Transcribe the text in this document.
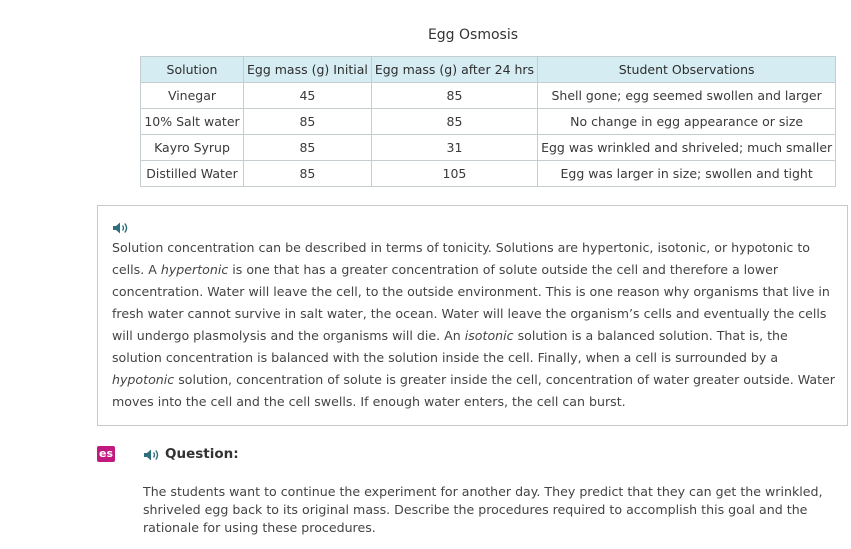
Egg Osmosis
Solution	Egg mass (g) Initial	Egg mass (g) after 24 hrs	Student Observations
Vinegar	45	85	Shell gone; egg seemed swollen and larger
10% Salt water	85	85	No change in egg appearance or size
Kayro Syrup	85	31	Egg was wrinkled and shriveled; much smaller
Distilled Water	85	105	Egg was larger in size; swollen and tight

Solution concentration can be described in terms of tonicity. Solutions are hypertonic, isotonic, or hypotonic to cells. A hypertonic is one that has a greater concentration of solute outside the cell and therefore a lower concentration. Water will leave the cell, to the outside environment. This is one reason why organisms that live in fresh water cannot survive in salt water, the ocean. Water will leave the organism’s cells and eventually the cells will undergo plasmolysis and the organisms will die. An isotonic solution is a balanced solution. That is, the solution concentration is balanced with the solution inside the cell. Finally, when a cell is surrounded by a hypotonic solution, concentration of solute is greater inside the cell, concentration of water greater outside. Water moves into the cell and the cell swells. If enough water enters, the cell can burst.

es	Question:

The students want to continue the experiment for another day. They predict that they can get the wrinkled, shriveled egg back to its original mass. Describe the procedures required to accomplish this goal and the rationale for using these procedures.
